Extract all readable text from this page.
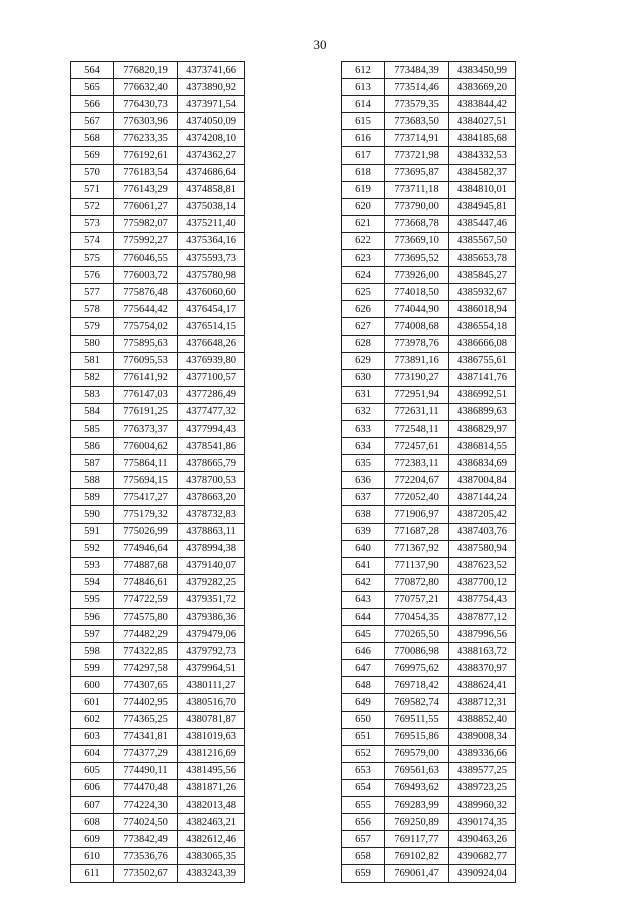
30
564	776820,19	4373741,66
565	776632,40	4373890,92
566	776430,73	4373971,54
567	776303,96	4374050,09
568	776233,35	4374208,10
569	776192,61	4374362,27
570	776183,54	4374686,64
571	776143,29	4374858,81
572	776061,27	4375038,14
573	775982,07	4375211,40
574	775992,27	4375364,16
575	776046,55	4375593,73
576	776003,72	4375780,98
577	775876,48	4376060,60
578	775644,42	4376454,17
579	775754,02	4376514,15
580	775895,63	4376648,26
581	776095,53	4376939,80
582	776141,92	4377100,57
583	776147,03	4377286,49
584	776191,25	4377477,32
585	776373,37	4377994,43
586	776004,62	4378541,86
587	775864,11	4378665,79
588	775694,15	4378700,53
589	775417,27	4378663,20
590	775179,32	4378732,83
591	775026,99	4378863,11
592	774946,64	4378994,38
593	774887,68	4379140,07
594	774846,61	4379282,25
595	774722,59	4379351,72
596	774575,80	4379386,36
597	774482,29	4379479,06
598	774322,85	4379792,73
599	774297,58	4379964,51
600	774307,65	4380111,27
601	774402,95	4380516,70
602	774365,25	4380781,87
603	774341,81	4381019,63
604	774377,29	4381216,69
605	774490,11	4381495,56
606	774470,48	4381871,26
607	774224,30	4382013,48
608	774024,50	4382463,21
609	773842,49	4382612,46
610	773536,76	4383065,35
611	773502,67	4383243,39
612	773484,39	4383450,99
613	773514,46	4383669,20
614	773579,35	4383844,42
615	773683,50	4384027,51
616	773714,91	4384185,68
617	773721,98	4384332,53
618	773695,87	4384582,37
619	773711,18	4384810,01
620	773790,00	4384945,81
621	773668,78	4385447,46
622	773669,10	4385567,50
623	773695,52	4385653,78
624	773926,00	4385845,27
625	774018,50	4385932,67
626	774044,90	4386018,94
627	774008,68	4386554,18
628	773978,76	4386666,08
629	773891,16	4386755,61
630	773190,27	4387141,76
631	772951,94	4386992,51
632	772631,11	4386899,63
633	772548,11	4386829,97
634	772457,61	4386814,55
635	772383,11	4386834,69
636	772204,67	4387004,84
637	772052,40	4387144,24
638	771906,97	4387205,42
639	771687,28	4387403,76
640	771367,92	4387580,94
641	771137,90	4387623,52
642	770872,80	4387700,12
643	770757,21	4387754,43
644	770454,35	4387877,12
645	770265,50	4387996,56
646	770086,98	4388163,72
647	769975,62	4388370,97
648	769718,42	4388624,41
649	769582,74	4388712,31
650	769511,55	4388852,40
651	769515,86	4389008,34
652	769579,00	4389336,66
653	769561,63	4389577,25
654	769493,62	4389723,25
655	769283,99	4389960,32
656	769250,89	4390174,35
657	769117,77	4390463,26
658	769102,82	4390682,77
659	769061,47	4390924,04
